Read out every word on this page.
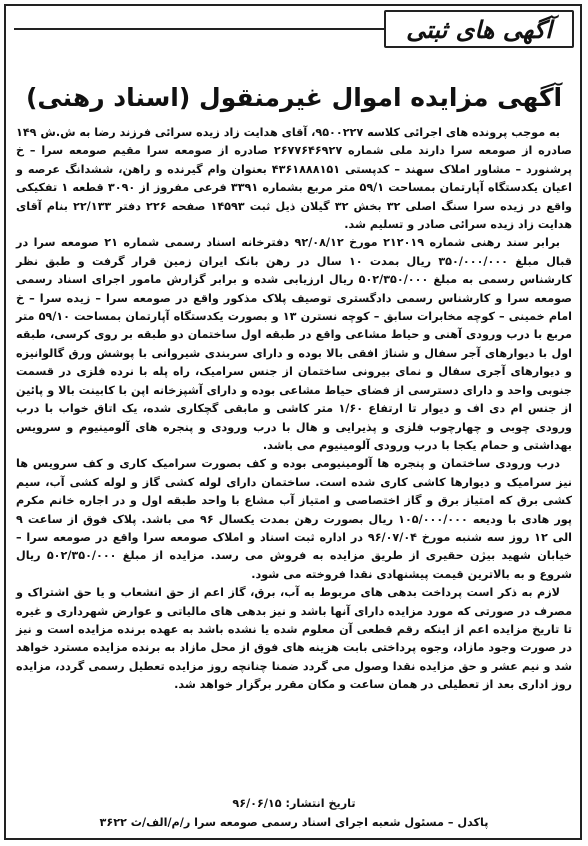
آگهی های ثبتی
آگهی مزایده اموال غیرمنقول (اسناد رهنی)

به موجب پرونده های اجرائی کلاسه ۹۵۰۰۲۲۷، آقای هدایت زاد زیده سرائی فرزند رضا به ش.ش ۱۴۹ صادره از صومعه سرا دارند ملی شماره ۲۶۷۷۶۴۶۹۲۷ صادره از صومعه سرا مقیم صومعه سرا – خ پرشنورد – مشاور املاک سهند – کدپستی ۴۳۶۱۸۸۸۱۵۱ بعنوان وام گیرنده و راهن، ششدانگ عرصه و اعیان یکدستگاه آپارتمان بمساحت ۵۹/۱ متر مربع بشماره ۳۳۹۱ فرعی مفروز از ۳۰۹۰ قطعه ۱ تفکیکی واقع در زیده سرا سنگ اصلی ۳۲ بخش ۳۲ گیلان ذیل ثبت ۱۴۵۹۳ صفحه ۲۲۶ دفتر ۲۲/۱۳۳ بنام آقای هدایت زاد زیده سرائی صادر و تسلیم شد.

برابر سند رهنی شماره ۲۱۲۰۱۹ مورخ ۹۲/۰۸/۱۲ دفترخانه اسناد رسمی شماره ۲۱ صومعه سرا در قبال مبلغ ۳۵۰/۰۰۰/۰۰۰ ریال بمدت ۱۰ سال در رهن بانک ایران زمین قرار گرفت و طبق نظر کارشناس رسمی به مبلغ ۵۰۲/۳۵۰/۰۰۰ ریال ارزیابی شده و برابر گزارش مامور اجرای اسناد رسمی صومعه سرا و کارشناس رسمی دادگستری توصیف پلاک مذکور واقع در صومعه سرا – زیده سرا – خ امام خمینی – کوچه مخابرات سابق – کوچه نسترن ۱۳ و بصورت یکدستگاه آپارتمان بمساحت ۵۹/۱۰ متر مربع با درب ورودی آهنی و حیاط مشاعی واقع در طبقه اول ساختمان دو طبقه بر روی کرسی، طبقه اول با دیوارهای آجر سفال و شناژ افقی بالا بوده و دارای سربندی شیروانی با پوشش ورق گالوانیزه و دیوارهای آجری سفال و نمای بیرونی ساختمان از جنس سرامیک، راه پله با نرده فلزی در قسمت جنوبی واحد و دارای دسترسی از فضای حیاط مشاعی بوده و دارای آشپزخانه اپن با کابینت بالا و پائین از جنس ام دی اف و دیوار تا ارتفاع ۱/۶۰ متر کاشی و مابقی گچکاری شده، یک اتاق خواب با درب ورودی چوبی و چهارچوب فلزی و پذیرایی و هال با درب ورودی و پنجره های آلومینیوم و سرویس بهداشتی و حمام یکجا با درب ورودی آلومینیوم می باشد.

درب ورودی ساختمان و پنجره ها آلومینیومی بوده و کف بصورت سرامیک کاری و کف سرویس ها نیز سرامیک و دیوارها کاشی کاری شده است. ساختمان دارای لوله کشی گاز و لوله کشی آب، سیم کشی برق که امتیاز برق و گاز اختصاصی و امتیاز آب مشاع با واحد طبقه اول و در اجاره خانم مکرم پور هادی با ودیعه ۱۰۵/۰۰۰/۰۰۰ ریال بصورت رهن بمدت یکسال ۹۶ می باشد. پلاک فوق از ساعت ۹ الی ۱۲ روز سه شنبه مورخ ۹۶/۰۷/۰۴ در اداره ثبت اسناد و املاک صومعه سرا واقع در صومعه سرا – خیابان شهید بیژن حقیری از طریق مزایده به فروش می رسد. مزایده از مبلغ ۵۰۲/۳۵۰/۰۰۰ ریال شروع و به بالاترین قیمت پیشنهادی نقدا فروخته می شود.

لازم به ذکر است پرداخت بدهی های مربوط به آب، برق، گاز اعم از حق انشعاب و یا حق اشتراک و مصرف در صورتی که مورد مزایده دارای آنها باشد و نیز بدهی های مالیاتی و عوارض شهرداری و غیره تا تاریخ مزایده اعم از اینکه رقم قطعی آن معلوم شده یا نشده باشد به عهده برنده مزایده است و نیز در صورت وجود مازاد، وجوه پرداختی بابت هزینه های فوق از محل مازاد به برنده مزایده مسترد خواهد شد و نیم عشر و حق مزایده نقدا وصول می گردد ضمنا چنانچه روز مزایده تعطیل رسمی گردد، مزایده روز اداری بعد از تعطیلی در همان ساعت و مکان مقرر برگزار خواهد شد.

تاریخ انتشار: ۹۶/۰۶/۱۵
پاکدل – مسئول شعبه اجرای اسناد رسمی صومعه سرا ر/م/الف/ث ۳۶۲۲
